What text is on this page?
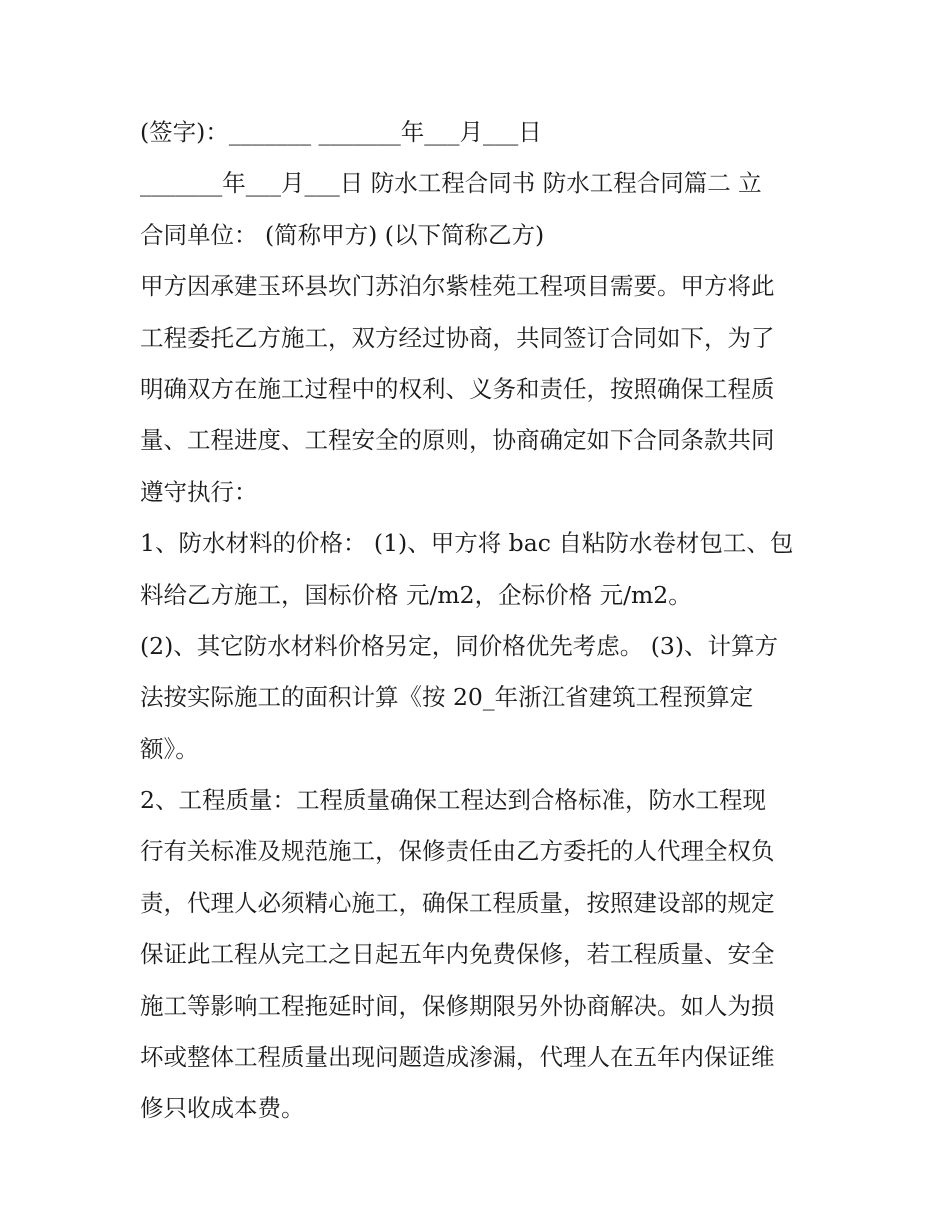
(签字)：_______ _______年___月___日
_______年___月___日 防水工程合同书 防水工程合同篇二 立
合同单位： (简称甲方) (以下简称乙方)
甲方因承建玉环县坎门苏泊尔紫桂苑工程项目需要。甲方将此
工程委托乙方施工，双方经过协商，共同签订合同如下，为了
明确双方在施工过程中的权利、义务和责任，按照确保工程质
量、工程进度、工程安全的原则，协商确定如下合同条款共同
遵守执行：
1、防水材料的价格： (1)、甲方将 bac 自粘防水卷材包工、包
料给乙方施工，国标价格 元/m2，企标价格 元/m2。
(2)、其它防水材料价格另定，同价格优先考虑。 (3)、计算方
法按实际施工的面积计算《按 20_年浙江省建筑工程预算定
额》。
2、工程质量：工程质量确保工程达到合格标准，防水工程现
行有关标准及规范施工，保修责任由乙方委托的人代理全权负
责，代理人必须精心施工，确保工程质量，按照建设部的规定
保证此工程从完工之日起五年内免费保修，若工程质量、安全
施工等影响工程拖延时间，保修期限另外协商解决。如人为损
坏或整体工程质量出现问题造成渗漏，代理人在五年内保证维
修只收成本费。
